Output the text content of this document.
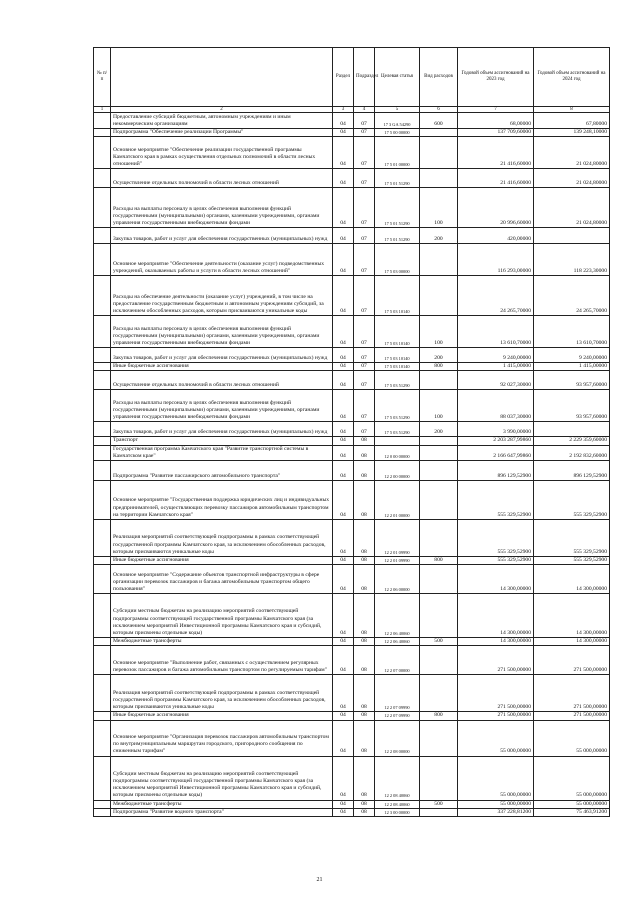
№ п/п		Раздел	Подраздел	Целевая статья	Вид расходов	Годовой объем ассигнований на 2023 год	Годовой объем ассигнований на 2024 год
1	2	3	4	5	6	7	8
	Предоставление субсидий бюджетным, автономным учреждениям и иным некоммерческим организациям	04	07	17 3 GA 54290	600	68,00000	67,80000
	Подпрограмма "Обеспечение реализации Программы"	04	07	17 5 00 00000		137 709,60000	139 248,10000
	Основное мероприятие "Обеспечение реализации государственной программы Камчатского края в рамках осуществления отдельных полномочий в области лесных отношений"	04	07	17 5 01 00000		21 416,60000	21 024,80000
	Осуществление отдельных полномочий в области лесных отношений	04	07	17 5 01 51290		21 416,60000	21 024,80000
	Расходы на выплаты персоналу в целях обеспечения выполнения функций государственными (муниципальными) органами, казенными учреждениями, органами управления государственными внебюджетными фондами	04	07	17 5 01 51290	100	20 996,60000	21 024,80000
	Закупка товаров, работ и услуг для обеспечения государственных (муниципальных) нужд	04	07	17 5 01 51290	200	420,00000	
	Основное мероприятие "Обеспечение деятельности (оказание услуг) подведомственных учреждений, оказываемых работы и услуги в области лесных отношений"	04	07	17 5 03 00000		116 293,00000	118 223,30000
	Расходы на обеспечение деятельности (оказание услуг) учреждений, в том числе на предоставление государственным бюджетным и автономным учреждениям субсидий, за исключением обособленных расходов, которым присваиваются уникальные коды	04	07	17 5 03 10140		24 265,70000	24 265,70000
	Расходы на выплаты персоналу в целях обеспечения выполнения функций государственными (муниципальными) органами, казенными учреждениями, органами управления государственными внебюджетными фондами	04	07	17 5 03 10140	100	13 610,70000	13 610,70000
	Закупка товаров, работ и услуг для обеспечения государственных (муниципальных) нужд	04	07	17 5 03 10140	200	9 240,00000	9 240,00000
	Иные бюджетные ассигнования	04	07	17 5 03 10140	800	1 415,00000	1 415,00000
	Осуществление отдельных полномочий в области лесных отношений	04	07	17 5 03 51290		92 027,30000	93 957,60000
	Расходы на выплаты персоналу в целях обеспечения выполнения функций государственными (муниципальными) органами, казенными учреждениями, органами управления государственными внебюджетными фондами	04	07	17 5 03 51290	100	88 037,30000	93 957,60000
	Закупка товаров, работ и услуг для обеспечения государственных (муниципальных) нужд	04	07	17 5 03 51290	200	3 990,00000	
	Транспорт	04	08			2 203 287,99860	2 229 359,60000
	Государственная программа Камчатского края "Развитие транспортной системы в Камчатском крае"	04	08	12 0 00 00000		2 166 647,99860	2 192 832,60000
	Подпрограмма "Развитие пассажирского автомобильного транспорта"	04	08	12 2 00 00000		896 129,52900	896 129,52900
	Основное мероприятие "Государственная поддержка юридических лиц и индивидуальных предпринимателей, осуществляющих перевозку пассажиров автомобильным транспортом на территории Камчатского края"	04	08	12 2 01 00000		555 329,52900	555 329,52900
	Реализация мероприятий соответствующей подпрограммы в рамках соответствующей государственной программы Камчатского края, за исключением обособленных расходов, которым присваиваются уникальные коды	04	08	12 2 01 09990		555 329,52900	555 329,52900
	Иные бюджетные ассигнования	04	08	12 2 01 09990	800	555 329,52900	555 329,52900
	Основное мероприятие "Содержание объектов транспортной инфраструктуры в сфере организации перевозок пассажиров и багажа автомобильным транспортом общего пользования"	04	08	12 2 06 00000		14 300,00000	14 300,00000
	Субсидии местным бюджетам на реализацию мероприятий соответствующей подпрограммы соответствующей государственной программы Камчатского края (за исключением мероприятий Инвестиционной программы Камчатского края и субсидий, которым присвоены отдельные коды)	04	08	12 2 06 40060		14 300,00000	14 300,00000
	Межбюджетные трансферты	04	08	12 2 06 40060	500	14 300,00000	14 300,00000
	Основное мероприятие "Выполнение работ, связанных с осуществлением регулярных перевозок пассажиров и багажа автомобильным транспортом по регулируемым тарифам"	04	08	12 2 07 00000		271 500,00000	271 500,00000
	Реализация мероприятий соответствующей подпрограммы в рамках соответствующей государственной программы Камчатского края, за исключением обособленных расходов, которым присваиваются уникальные коды	04	08	12 2 07 09990		271 500,00000	271 500,00000
	Иные бюджетные ассигнования	04	08	12 2 07 09990	800	271 500,00000	271 500,00000
	Основное мероприятие "Организация перевозок пассажиров автомобильным транспортом по внутримуниципальным маршрутам городского, пригородного сообщения по сниженным тарифам"	04	08	12 2 08 00000		55 000,00000	55 000,00000
	Субсидии местным бюджетам на реализацию мероприятий соответствующей подпрограммы соответствующей государственной программы Камчатского края (за исключением мероприятий Инвестиционной программы Камчатского края и субсидий, которым присвоены отдельные коды)	04	08	12 2 08 40060		55 000,00000	55 000,00000
	Межбюджетные трансферты	04	08	12 2 08 40060	500	55 000,00000	55 000,00000
	Подпрограмма "Развитие водного транспорта"	04	08	12 3 00 00000		337 228,81200	75 463,91200
21
